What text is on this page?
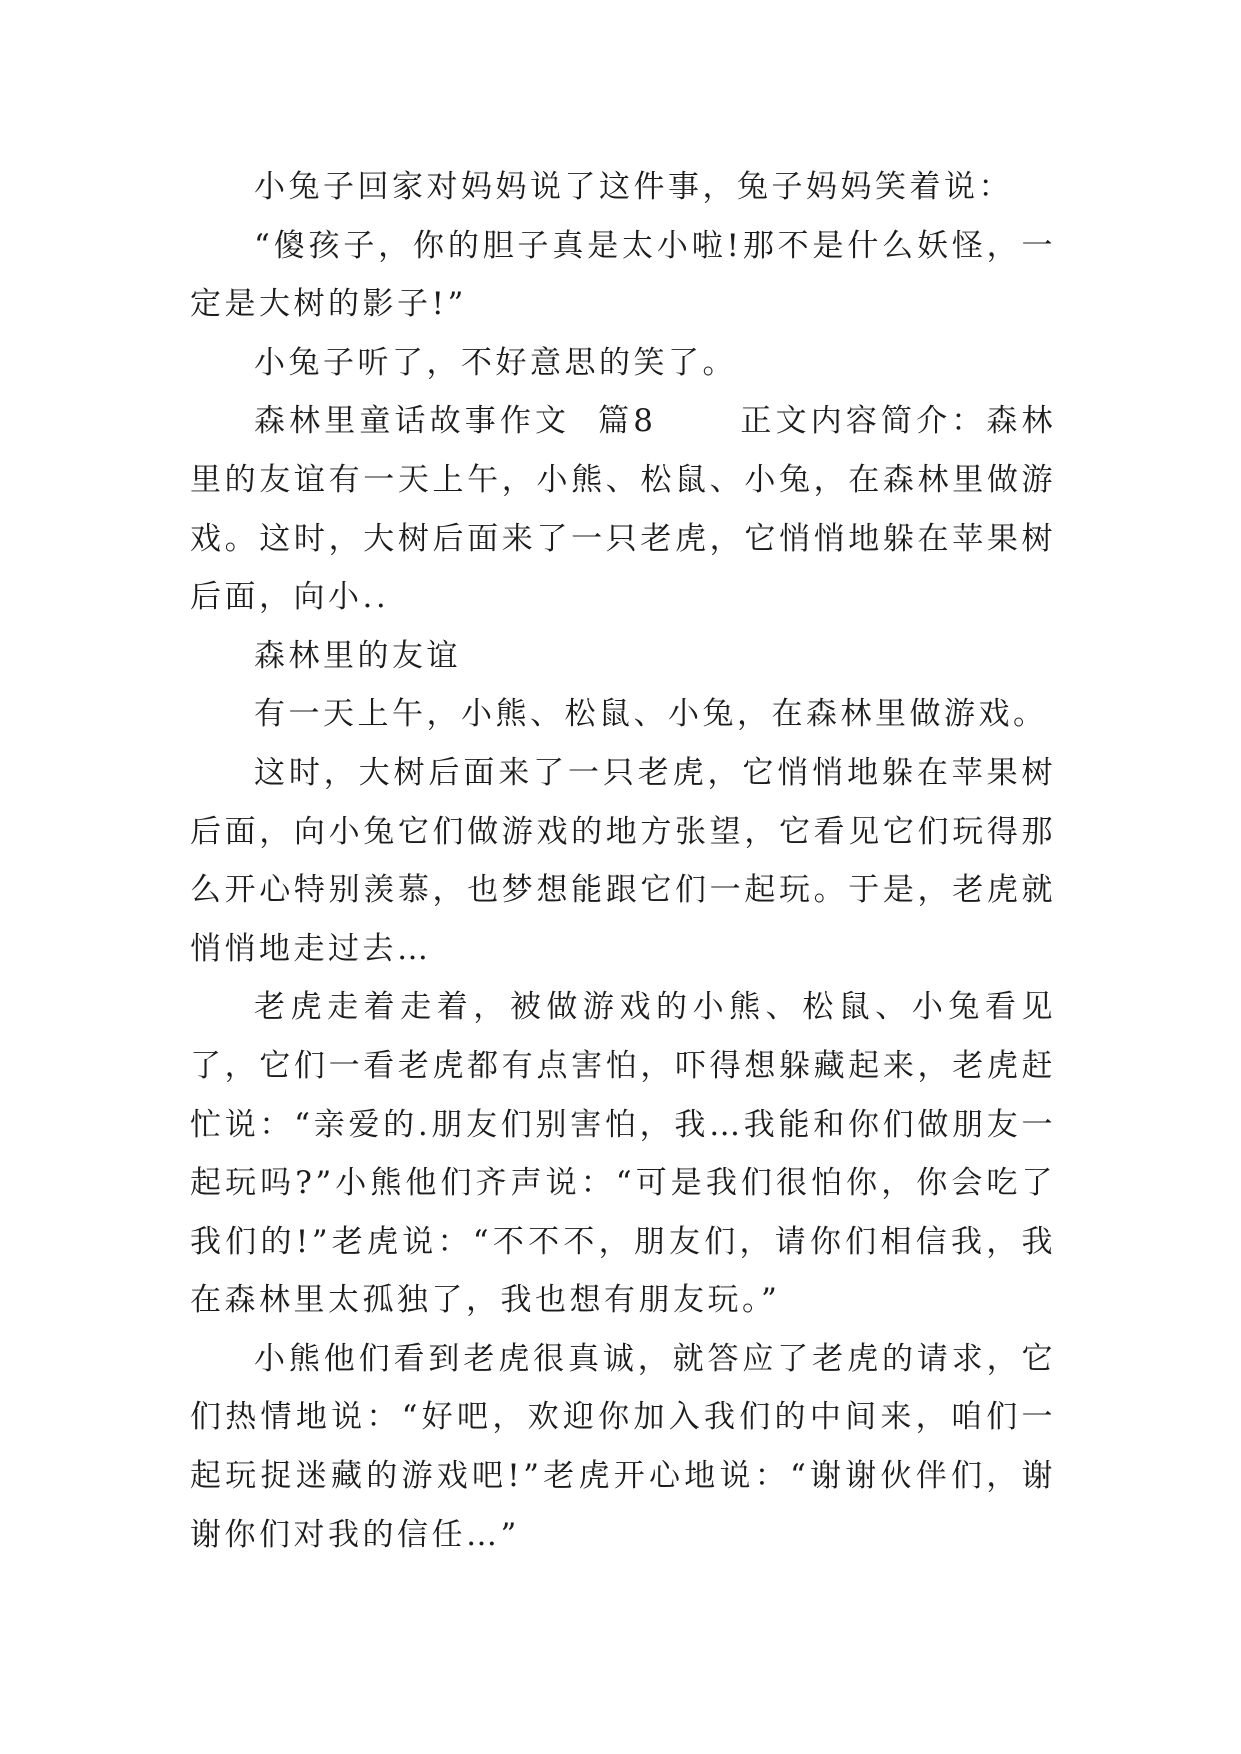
小兔子回家对妈妈说了这件事，兔子妈妈笑着说：

“傻孩子，你的胆子真是太小啦!那不是什么妖怪，一定是大树的影子!”

小兔子听了，不好意思的笑了。

森林里童话故事作文  篇8      正文内容简介：森林里的友谊有一天上午，小熊、松鼠、小兔，在森林里做游戏。这时，大树后面来了一只老虎，它悄悄地躲在苹果树后面，向小..

森林里的友谊

有一天上午，小熊、松鼠、小兔，在森林里做游戏。

这时，大树后面来了一只老虎，它悄悄地躲在苹果树后面，向小兔它们做游戏的地方张望，它看见它们玩得那么开心特别羡慕，也梦想能跟它们一起玩。于是，老虎就悄悄地走过去…

老虎走着走着，被做游戏的小熊、松鼠、小兔看见了，它们一看老虎都有点害怕，吓得想躲藏起来，老虎赶忙说：“亲爱的.朋友们别害怕，我…我能和你们做朋友一起玩吗?”小熊他们齐声说：“可是我们很怕你，你会吃了我们的!”老虎说：“不不不，朋友们，请你们相信我，我在森林里太孤独了，我也想有朋友玩。”

小熊他们看到老虎很真诚，就答应了老虎的请求，它们热情地说：“好吧，欢迎你加入我们的中间来，咱们一起玩捉迷藏的游戏吧!”老虎开心地说：“谢谢伙伴们，谢谢你们对我的信任…”
